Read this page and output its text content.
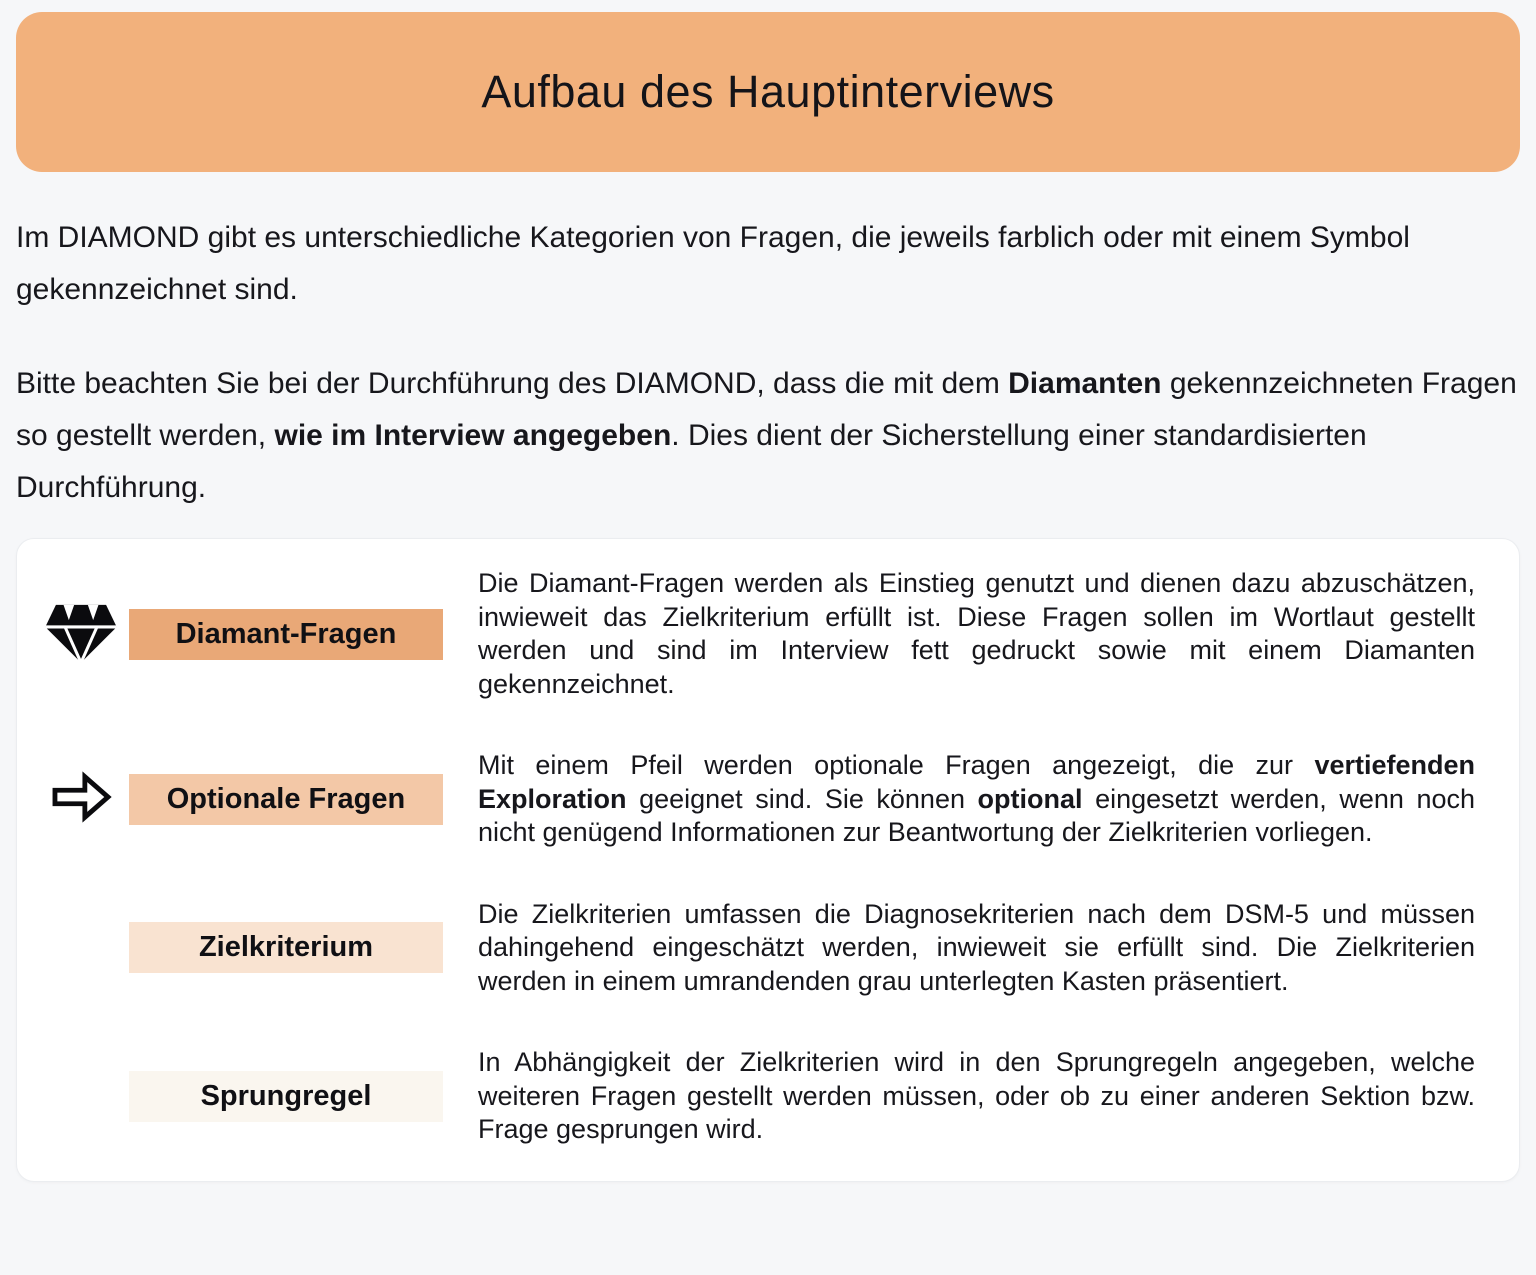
Aufbau des Hauptinterviews

Im DIAMOND gibt es unterschiedliche Kategorien von Fragen, die jeweils farblich oder mit einem Symbol gekennzeichnet sind.

Bitte beachten Sie bei der Durchführung des DIAMOND, dass die mit dem Diamanten gekennzeichneten Fragen so gestellt werden, wie im Interview angegeben. Dies dient der Sicherstellung einer standardisierten Durchführung.

Diamant-Fragen
Die Diamant-Fragen werden als Einstieg genutzt und dienen dazu abzuschätzen, inwieweit das Zielkriterium erfüllt ist. Diese Fragen sollen im Wortlaut gestellt werden und sind im Interview fett gedruckt sowie mit einem Diamanten gekennzeichnet.
Optionale Fragen
Mit einem Pfeil werden optionale Fragen angezeigt, die zur vertiefenden Exploration geeignet sind. Sie können optional eingesetzt werden, wenn noch nicht genügend Informationen zur Beantwortung der Zielkriterien vorliegen.
Zielkriterium
Die Zielkriterien umfassen die Diagnosekriterien nach dem DSM-5 und müssen dahingehend eingeschätzt werden, inwieweit sie erfüllt sind. Die Zielkriterien werden in einem umrandenden grau unterlegten Kasten präsentiert.
Sprungregel
In Abhängigkeit der Zielkriterien wird in den Sprungregeln angegeben, welche weiteren Fragen gestellt werden müssen, oder ob zu einer anderen Sektion bzw. Frage gesprungen wird.
